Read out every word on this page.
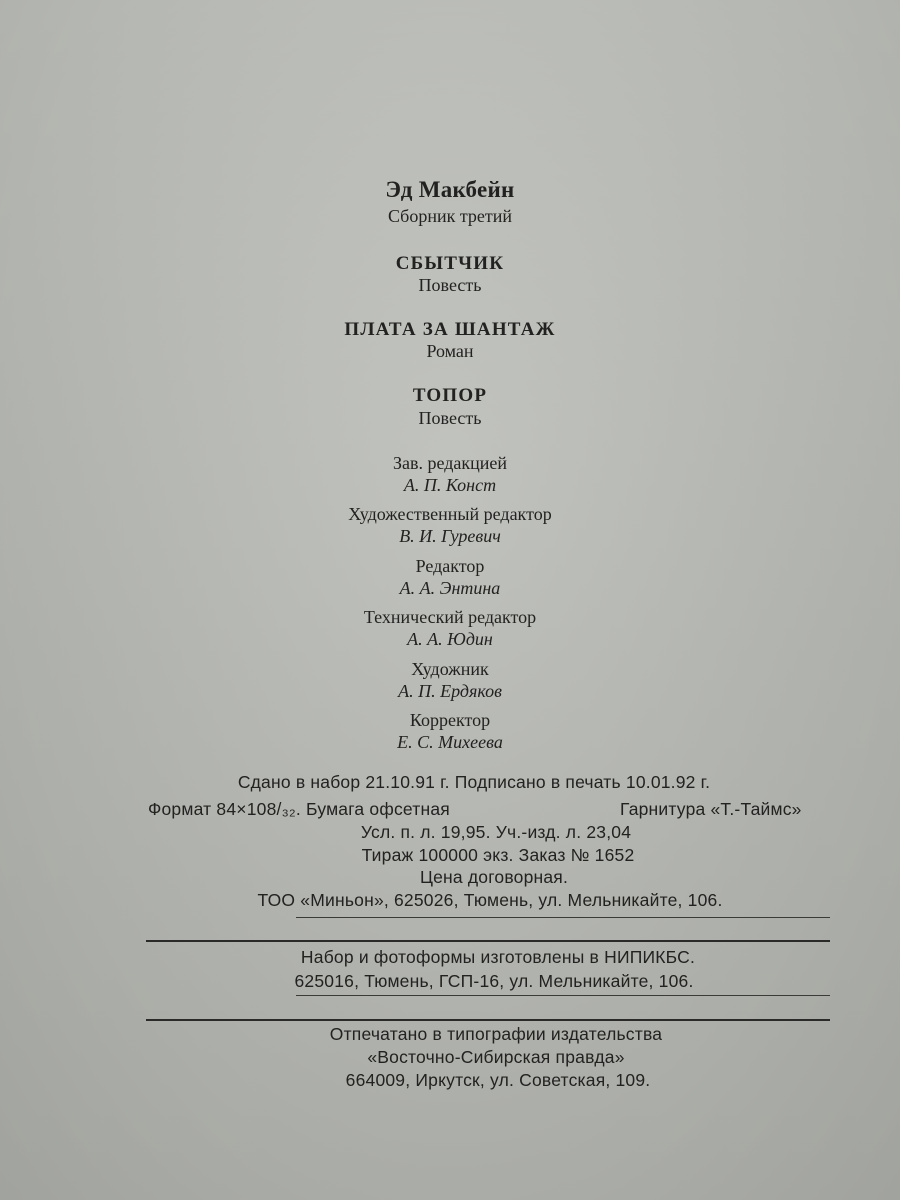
Эд Макбейн
Сборник третий
СБЫТЧИК
Повесть
ПЛАТА ЗА ШАНТАЖ
Роман
ТОПОР
Повесть
Зав. редакцией
А. П. Конст
Художественный редактор
В. И. Гуревич
Редактор
А. А. Энтина
Технический редактор
А. А. Юдин
Художник
А. П. Ердяков
Корректор
Е. С. Михеева
Сдано в набор 21.10.91 г. Подписано в печать 10.01.92 г.
Формат 84×108/₃₂. Бумага офсетная	Гарнитура «Т.-Таймс»
Усл. п. л. 19,95. Уч.-изд. л. 23,04
Тираж 100000 экз. Заказ № 1652
Цена договорная.
ТОО «Миньон», 625026, Тюмень, ул. Мельникайте, 106.
Набор и фотоформы изготовлены в НИПИКБС.
625016, Тюмень, ГСП-16, ул. Мельникайте, 106.
Отпечатано в типографии издательства
«Восточно-Сибирская правда»
664009, Иркутск, ул. Советская, 109.
